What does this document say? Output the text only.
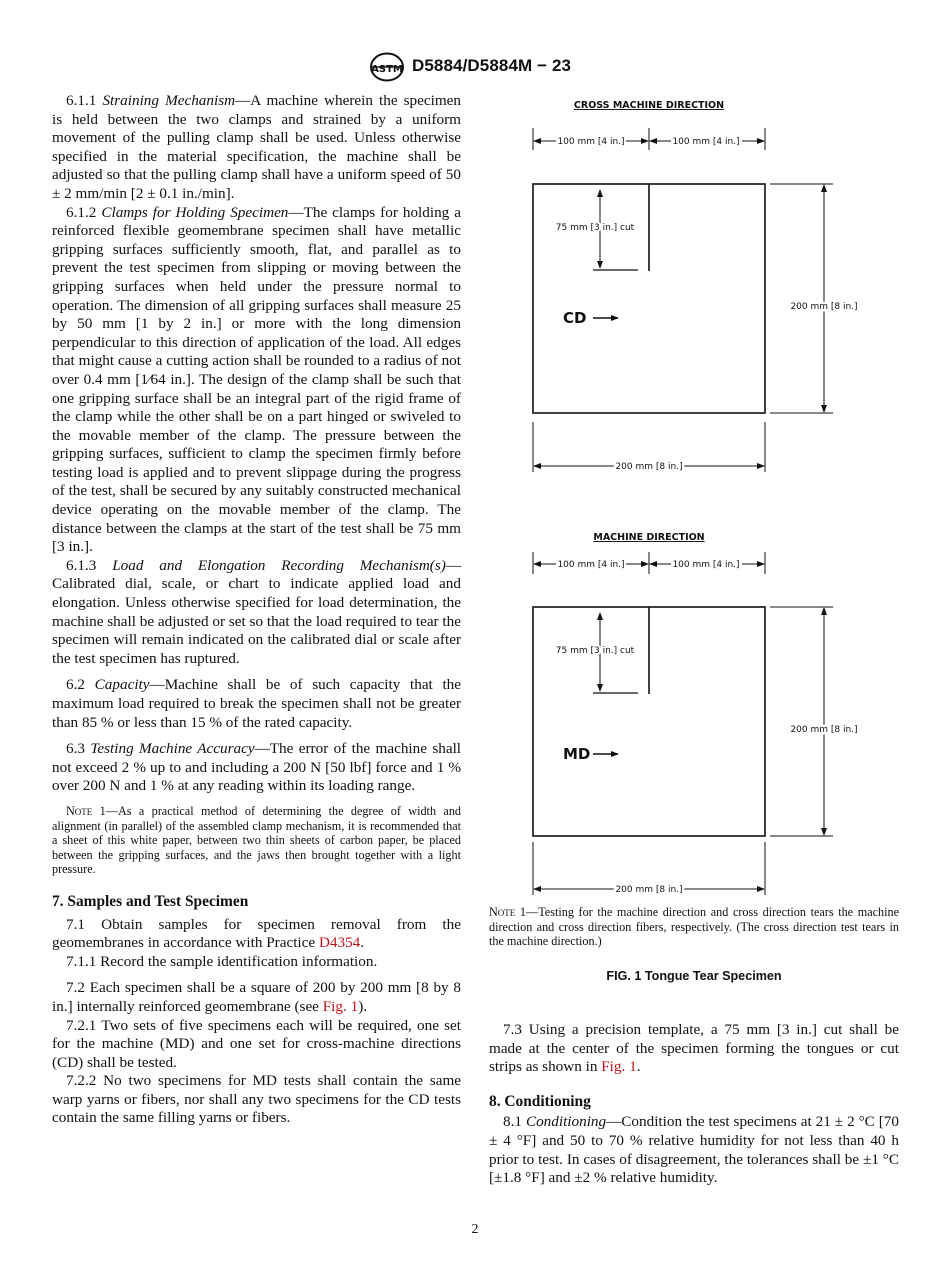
ASTM D5884/D5884M − 23

6.1.1 Straining Mechanism—A machine wherein the specimen is held between the two clamps and strained by a uniform movement of the pulling clamp shall be used. Unless otherwise specified in the material specification, the machine shall be adjusted so that the pulling clamp shall have a uniform speed of 50 ± 2 mm/min [2 ± 0.1 in./min].

6.1.2 Clamps for Holding Specimen—The clamps for holding a reinforced flexible geomembrane specimen shall have metallic gripping surfaces sufficiently smooth, flat, and parallel as to prevent the test specimen from slipping or moving between the gripping surfaces when held under the pressure normal to operation. The dimension of all gripping surfaces shall measure 25 by 50 mm [1 by 2 in.] or more with the long dimension perpendicular to this direction of application of the load. All edges that might cause a cutting action shall be rounded to a radius of not over 0.4 mm [1⁄64 in.]. The design of the clamp shall be such that one gripping surface shall be an integral part of the rigid frame of the clamp while the other shall be on a part hinged or swiveled to the movable member of the clamp. The pressure between the gripping surfaces, sufficient to clamp the specimen firmly before testing load is applied and to prevent slippage during the progress of the test, shall be secured by any suitably constructed mechanical device operating on the movable member of the clamp. The distance between the clamps at the start of the test shall be 75 mm [3 in.].

6.1.3 Load and Elongation Recording Mechanism(s)—Calibrated dial, scale, or chart to indicate applied load and elongation. Unless otherwise specified for load determination, the machine shall be adjusted or set so that the load required to tear the specimen will remain indicated on the calibrated dial or scale after the test specimen has ruptured.

6.2 Capacity—Machine shall be of such capacity that the maximum load required to break the specimen shall not be greater than 85 % or less than 15 % of the rated capacity.

6.3 Testing Machine Accuracy—The error of the machine shall not exceed 2 % up to and including a 200 N [50 lbf] force and 1 % over 200 N and 1 % at any reading within its loading range.

Note 1—As a practical method of determining the degree of width and alignment (in parallel) of the assembled clamp mechanism, it is recommended that a sheet of this white paper, between two thin sheets of carbon paper, be placed between the gripping surfaces, and the jaws then brought together with a light pressure.

7. Samples and Test Specimen

7.1 Obtain samples for specimen removal from the geomembranes in accordance with Practice D4354.

7.1.1 Record the sample identification information.

7.2 Each specimen shall be a square of 200 by 200 mm [8 by 8 in.] internally reinforced geomembrane (see Fig. 1).

7.2.1 Two sets of five specimens each will be required, one set for the machine (MD) and one set for cross-machine directions (CD) shall be tested.

7.2.2 No two specimens for MD tests shall contain the same warp yarns or fibers, nor shall any two specimens for the CD tests contain the same filling yarns or fibers.

CROSS MACHINE DIRECTION
100 mm [4 in.]	100 mm [4 in.]
75 mm [3 in.] cut
CD
200 mm [8 in.]
200 mm [8 in.]
MACHINE DIRECTION
100 mm [4 in.]	100 mm [4 in.]
75 mm [3 in.] cut
MD
200 mm [8 in.]
200 mm [8 in.]

Note 1—Testing for the machine direction and cross direction tears the machine direction and cross direction fibers, respectively. (The cross direction test tears in the machine direction.)

FIG. 1 Tongue Tear Specimen

7.3 Using a precision template, a 75 mm [3 in.] cut shall be made at the center of the specimen forming the tongues or cut strips as shown in Fig. 1.

8. Conditioning

8.1 Conditioning—Condition the test specimens at 21 ± 2 °C [70 ± 4 °F] and 50 to 70 % relative humidity for not less than 40 h prior to test. In cases of disagreement, the tolerances shall be ±1 °C [±1.8 °F] and ±2 % relative humidity.

2
